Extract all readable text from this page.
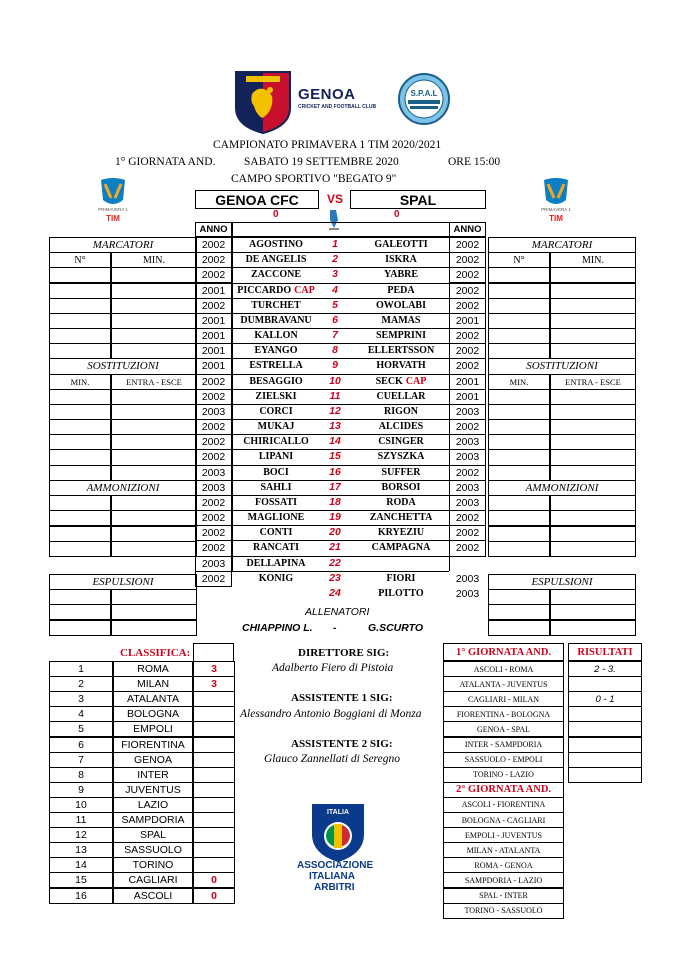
GENOA
CRICKET AND FOOTBALL CLUB
S.P.A.L
PRIMAVERA 1
TIM
PRIMAVERA 1
TIM
CAMPIONATO PRIMAVERA 1 TIM 2020/2021
1° GIORNATA AND. SABATO 19 SETTEMBRE 2020	ORE 15:00
CAMPO SPORTIVO "BEGATO 9"
GENOA CFC	SPAL
VS
0	0
ANNO	ANNO
2002	AGOSTINO	1	GALEOTTI	2002
2002	DE ANGELIS	2	ISKRA	2002
2002	ZACCONE	3	YABRE	2002
2001	PICCARDO CAP	4	PEDA	2002
2002	TURCHET	5	OWOLABI	2002
2001	DUMBRAVANU	6	MAMAS	2001
2001	KALLON	7	SEMPRINI	2002
2001	EYANGO	8	ELLERTSSON	2002
2001	ESTRELLA	9	HORVATH	2002
2002	BESAGGIO	10	SECK CAP	2001
2002	ZIELSKI	11	CUELLAR	2001
2003	CORCI	12	RIGON	2003
2002	MUKAJ	13	ALCIDES	2002
2002	CHIRICALLO	14	CSINGER	2003
2002	LIPANI	15	SZYSZKA	2003
2003	BOCI	16	SUFFER	2002
2003	SAHLI	17	BORSOI	2003
2002	FOSSATI	18	RODA	2003
2002	MAGLIONE	19	ZANCHETTA	2002
2002	CONTI	20	KRYEZIU	2002
2002	RANCATI	21	CAMPAGNA	2002
2003	DELLAPINA	22
2002	KONIG	23	FIORI	2003
24	PILOTTO	2003
MARCATORI
N°	MIN.
SOSTITUZIONI
MIN.	ENTRA - ESCE
AMMONIZIONI
ESPULSIONI
MARCATORI
N°	MIN.
SOSTITUZIONI
MIN.	ENTRA - ESCE
AMMONIZIONI
ESPULSIONI
ALLENATORI
CHIAPPINO L. -	G.SCURTO
CLASSIFICA:
1	ROMA	3
2	MILAN	3
3	ATALANTA
4	BOLOGNA
5	EMPOLI
6	FIORENTINA
7	GENOA
8	INTER
9	JUVENTUS
10	LAZIO
11	SAMPDORIA
12	SPAL
13	SASSUOLO
14	TORINO
15	CAGLIARI	0
16	ASCOLI	0
DIRETTORE SIG:
Adalberto Fiero di Pistoia
ASSISTENTE 1 SIG:
Alessandro Antonio Boggiani di Monza
ASSISTENTE 2 SIG:
Glauco Zannellati di Seregno
ITALIA
ASSOCIAZIONE
ITALIANA
ARBITRI
1° GIORNATA AND.	RISULTATI
ASCOLI - ROMA	2 - 3.
ATALANTA - JUVENTUS
CAGLIARI - MILAN	0 - 1
FIORENTINA - BOLOGNA
GENOA - SPAL
INTER - SAMPDORIA
SASSUOLO - EMPOLI
TORINO - LAZIO
2° GIORNATA AND.
ASCOLI - FIORENTINA
BOLOGNA - CAGLIARI
EMPOLI - JUVENTUS
MILAN - ATALANTA
ROMA - GENOA
SAMPDORIA - LAZIO
SPAL - INTER
TORINO - SASSUOLO
